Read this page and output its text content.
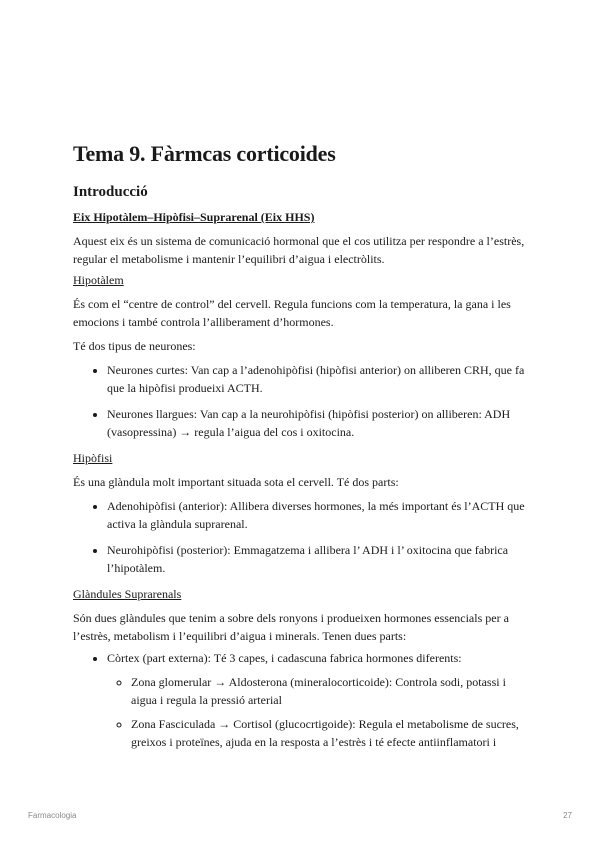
Tema 9. Fàrmcas corticoides
Introducció
Eix Hipotàlem–Hipòfisi–Suprarenal (Eix HHS)

Aquest eix és un sistema de comunicació hormonal que el cos utilitza per respondre a l’estrès, regular el metabolisme i mantenir l’equilibri d’aigua i electròlits.

Hipotàlem

És com el “centre de control” del cervell. Regula funcions com la temperatura, la gana i les emocions i també controla l’alliberament d’hormones.

Té dos tipus de neurones:

• Neurones curtes: Van cap a l’adenohipòfisi (hipòfisi anterior) on alliberen CRH, que fa que la hipòfisi produeixi ACTH.
• Neurones llargues: Van cap a la neurohipòfisi (hipòfisi posterior) on alliberen: ADH (vasopressina) → regula l’aigua del cos i oxitocina.
Hipòfisi

És una glàndula molt important situada sota el cervell. Té dos parts:

• Adenohipòfisi (anterior): Allibera diverses hormones, la més important és l’ACTH que activa la glàndula suprarenal.
• Neurohipòfisi (posterior): Emmagatzema i allibera l’ ADH i l’ oxitocina que fabrica l’hipotàlem.
Glàndules Suprarenals

Són dues glàndules que tenim a sobre dels ronyons i produeixen hormones essencials per a l’estrès, metabolism i l’equilibri d’aigua i minerals. Tenen dues parts:

• Còrtex (part externa): Té 3 capes, i cadascuna fabrica hormones diferents:
◦ Zona glomerular → Aldosterona (mineralocorticoide): Controla sodi, potassi i aigua i regula la pressió arterial
◦ Zona Fasciculada → Cortisol (glucocrtigoide): Regula el metabolisme de sucres, greixos i proteïnes, ajuda en la resposta a l’estrès i té efecte antiinflamatori i
Farmacologia	27
